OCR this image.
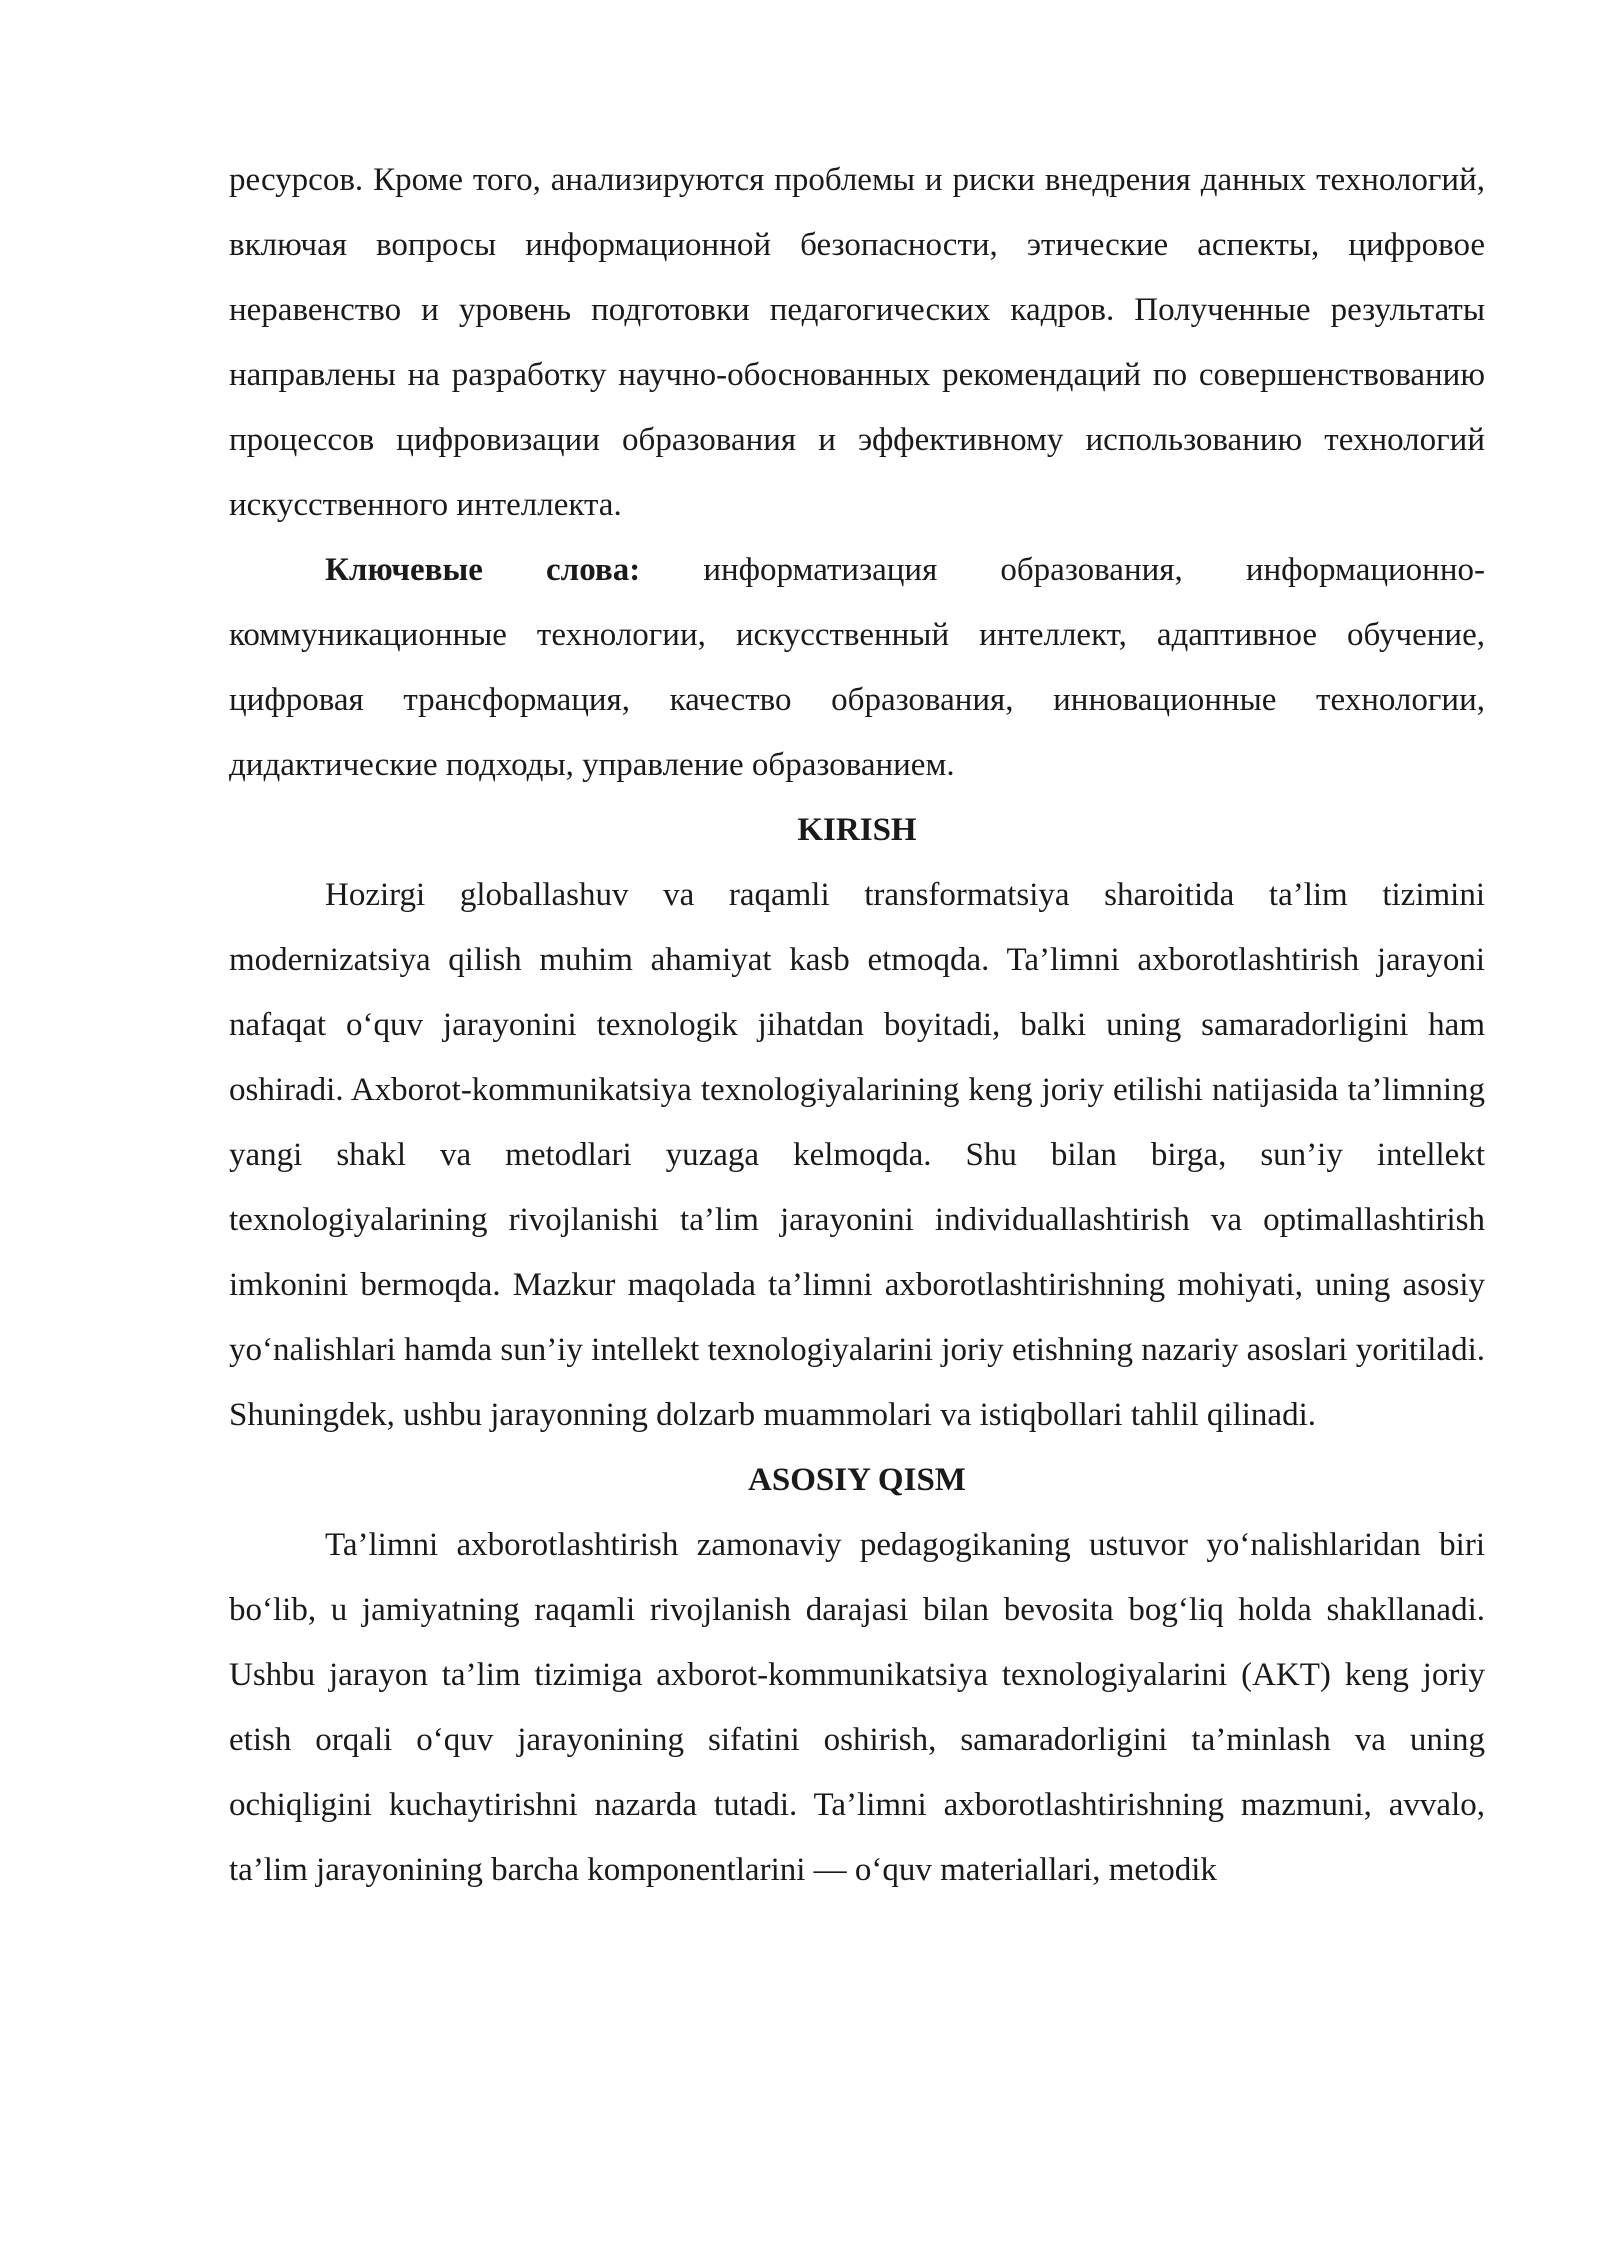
ресурсов. Кроме того, анализируются проблемы и риски внедрения данных технологий, включая вопросы информационной безопасности, этические аспекты, цифровое неравенство и уровень подготовки педагогических кадров. Полученные результаты направлены на разработку научно-обоснованных рекомендаций по совершенствованию процессов цифровизации образования и эффективному использованию технологий искусственного интеллекта.

Ключевые слова: информатизация образования, информационно-коммуникационные технологии, искусственный интеллект, адаптивное обучение, цифровая трансформация, качество образования, инновационные технологии, дидактические подходы, управление образованием.

KIRISH

Hozirgi globallashuv va raqamli transformatsiya sharoitida ta’lim tizimini modernizatsiya qilish muhim ahamiyat kasb etmoqda. Ta’limni axborotlashtirish jarayoni nafaqat o‘quv jarayonini texnologik jihatdan boyitadi, balki uning samaradorligini ham oshiradi. Axborot-kommunikatsiya texnologiyalarining keng joriy etilishi natijasida ta’limning yangi shakl va metodlari yuzaga kelmoqda. Shu bilan birga, sun’iy intellekt texnologiyalarining rivojlanishi ta’lim jarayonini individuallashtirish va optimallashtirish imkonini bermoqda. Mazkur maqolada ta’limni axborotlashtirishning mohiyati, uning asosiy yo‘nalishlari hamda sun’iy intellekt texnologiyalarini joriy etishning nazariy asoslari yoritiladi. Shuningdek, ushbu jarayonning dolzarb muammolari va istiqbollari tahlil qilinadi.

ASOSIY QISM

Ta’limni axborotlashtirish zamonaviy pedagogikaning ustuvor yo‘nalishlaridan biri bo‘lib, u jamiyatning raqamli rivojlanish darajasi bilan bevosita bog‘liq holda shakllanadi. Ushbu jarayon ta’lim tizimiga axborot-kommunikatsiya texnologiyalarini (AKT) keng joriy etish orqali o‘quv jarayonining sifatini oshirish, samaradorligini ta’minlash va uning ochiqligini kuchaytirishni nazarda tutadi. Ta’limni axborotlashtirishning mazmuni, avvalo, ta’lim jarayonining barcha komponentlarini — o‘quv materiallari, metodik
